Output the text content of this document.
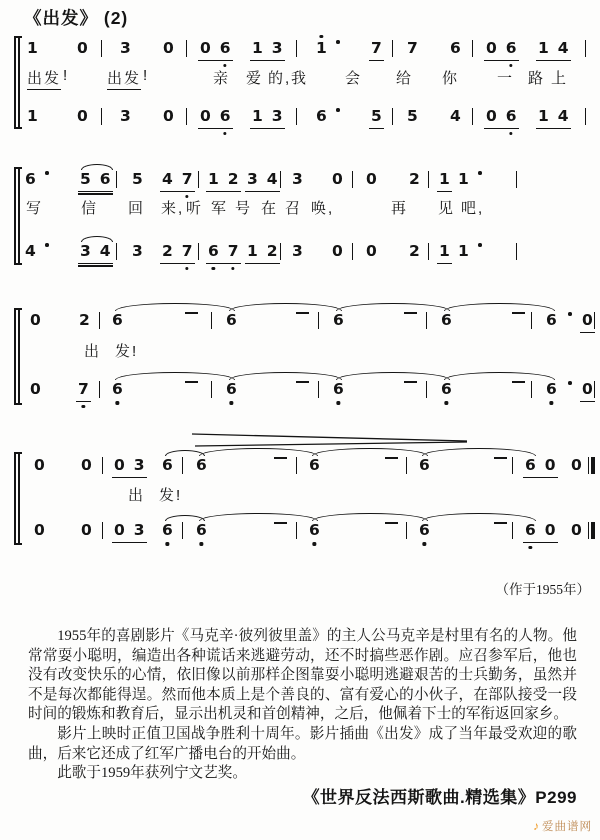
《出发》 (2)
1	0 3 0 0 6 1 3 1	7 7 6 0 6 1 4
出发 !	出发 !	亲 爱 的, 我 会 给 你	一 路 上
1	0 3 0 0 6 1 3 6	5 5 4 0 6 1 4
6	5 6 5 4 7 1 2 3 4 3 0 0 2 1 1
写	信 回 来, 听 军 号 在 召 唤,	再 见 吧,
4	3 4 3 2 7 6 7 1 2 3 0 0 2 1 1
0 2 6	6	6	6	6 0
出 发!
0 7 6	6	6	6	6 0
0 0 0 3 6 6	6	6	6 0 0
出 发!
0 0 0 3 6 6	6	6	6 0 0
（作于1955年）

1955年的喜剧影片《马克辛·彼列彼里盖》的主人公马克辛是村里有名的人物。他常常耍小聪明，编造出各种谎话来逃避劳动，还不时搞些恶作剧。应召参军后，他也没有改变快乐的心情，依旧像以前那样企图靠耍小聪明逃避艰苦的士兵勤务，虽然并不是每次都能得逞。然而他本质上是个善良的、富有爱心的小伙子，在部队接受一段时间的锻炼和教育后，显示出机灵和首创精神，之后，他佩着下士的军衔返回家乡。

影片上映时正值卫国战争胜利十周年。影片插曲《出发》成了当年最受欢迎的歌曲，后来它还成了红军广播电台的开始曲。

此歌于1959年获列宁文艺奖。

《世界反法西斯歌曲.精选集》P299
♪ 爱曲谱网
